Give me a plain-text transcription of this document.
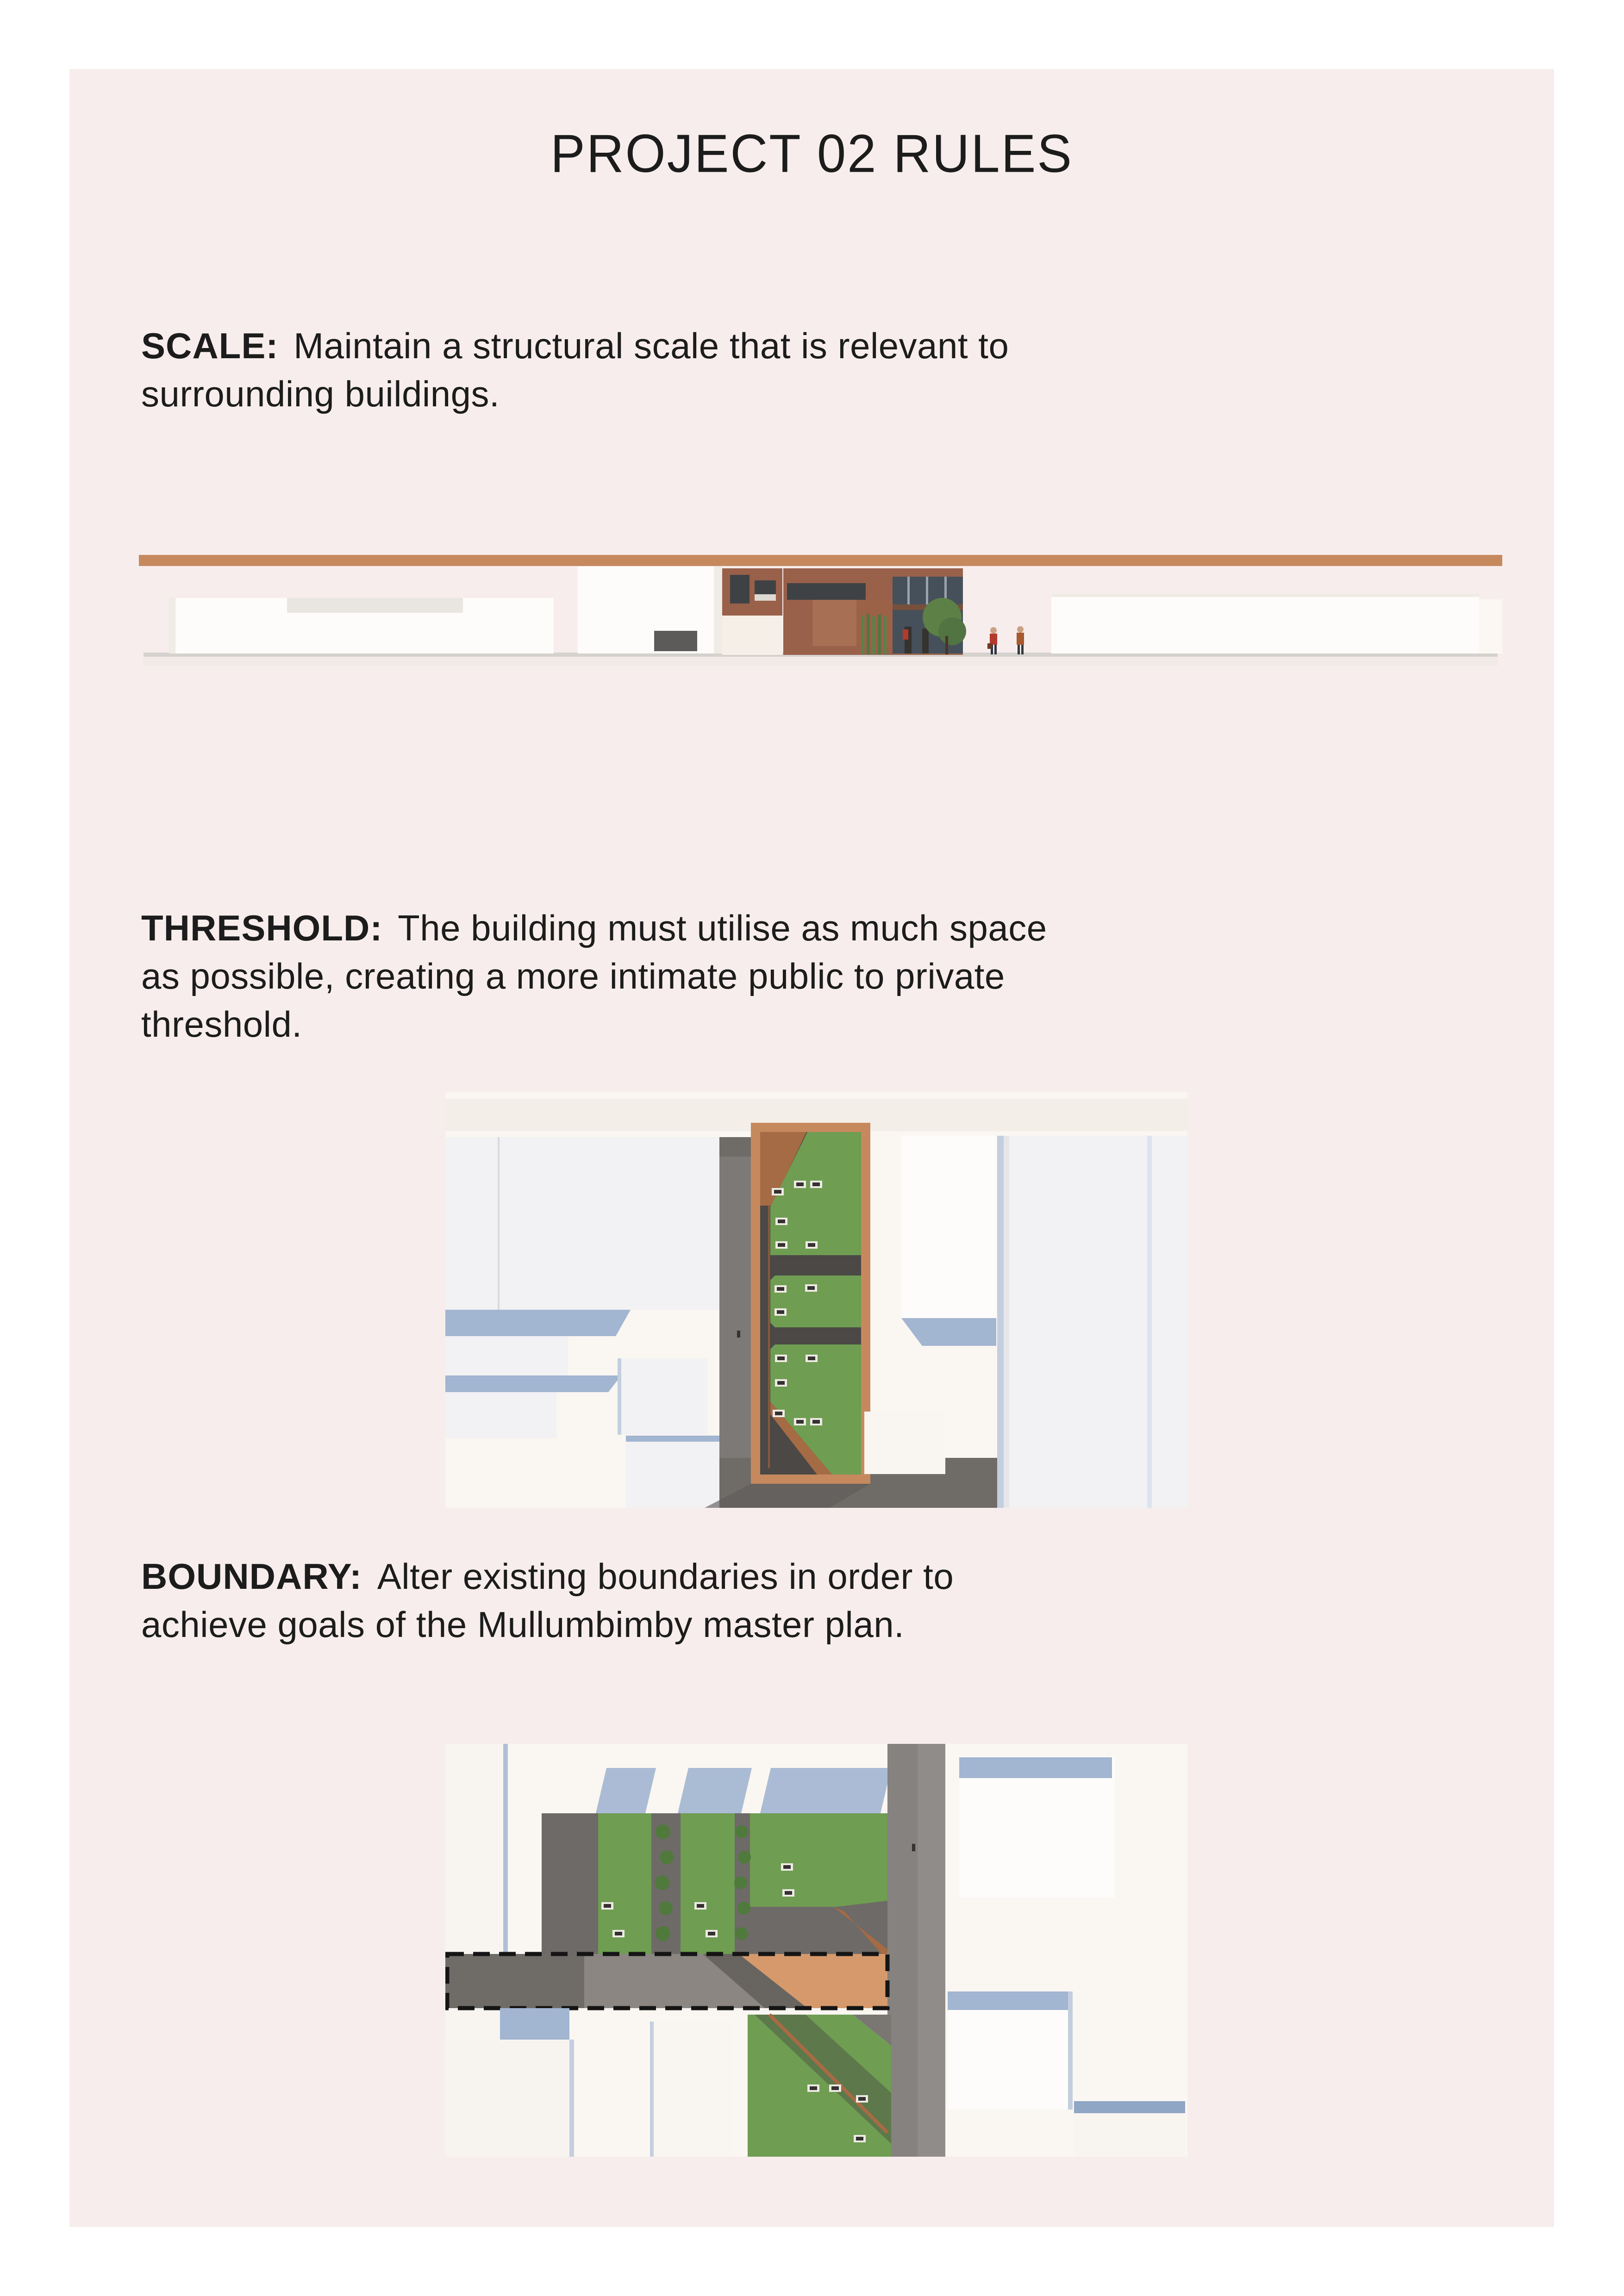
PROJECT 02 RULES
SCALE: Maintain a structural scale that is relevant to
surrounding buildings.
THRESHOLD: The building must utilise as much space
as possible, creating a more intimate public to private
threshold.
BOUNDARY: Alter existing boundaries in order to
achieve goals of the Mullumbimby master plan.
